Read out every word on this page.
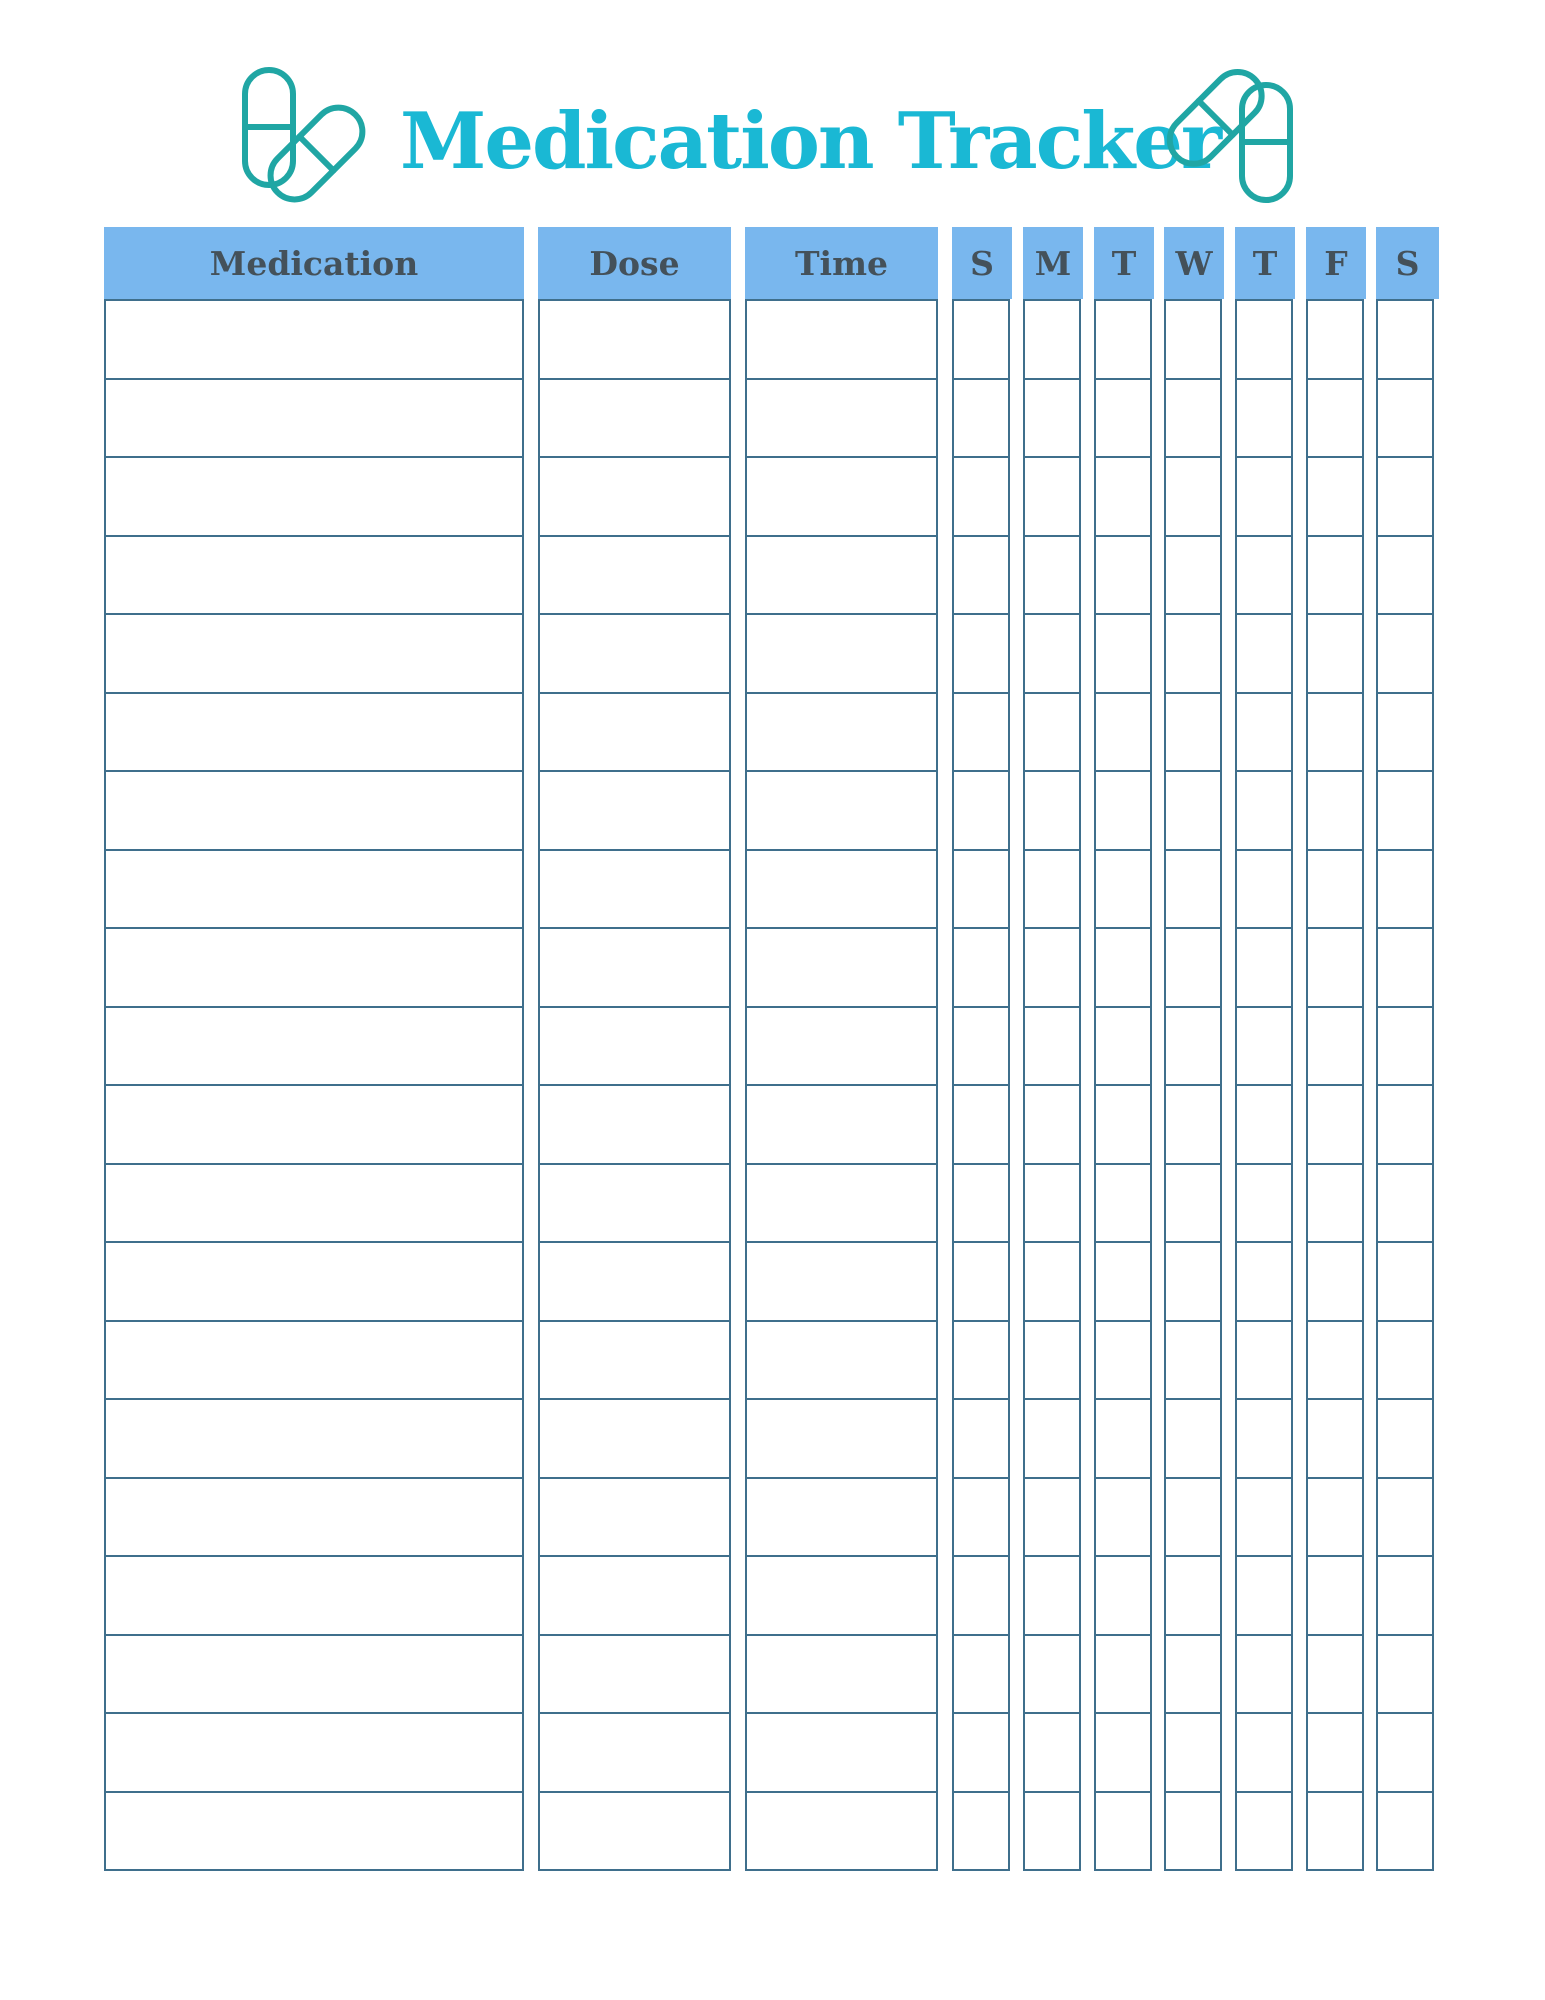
Medication Tracker
Medication	Dose	Time	S	M	T	W	T	F	S
